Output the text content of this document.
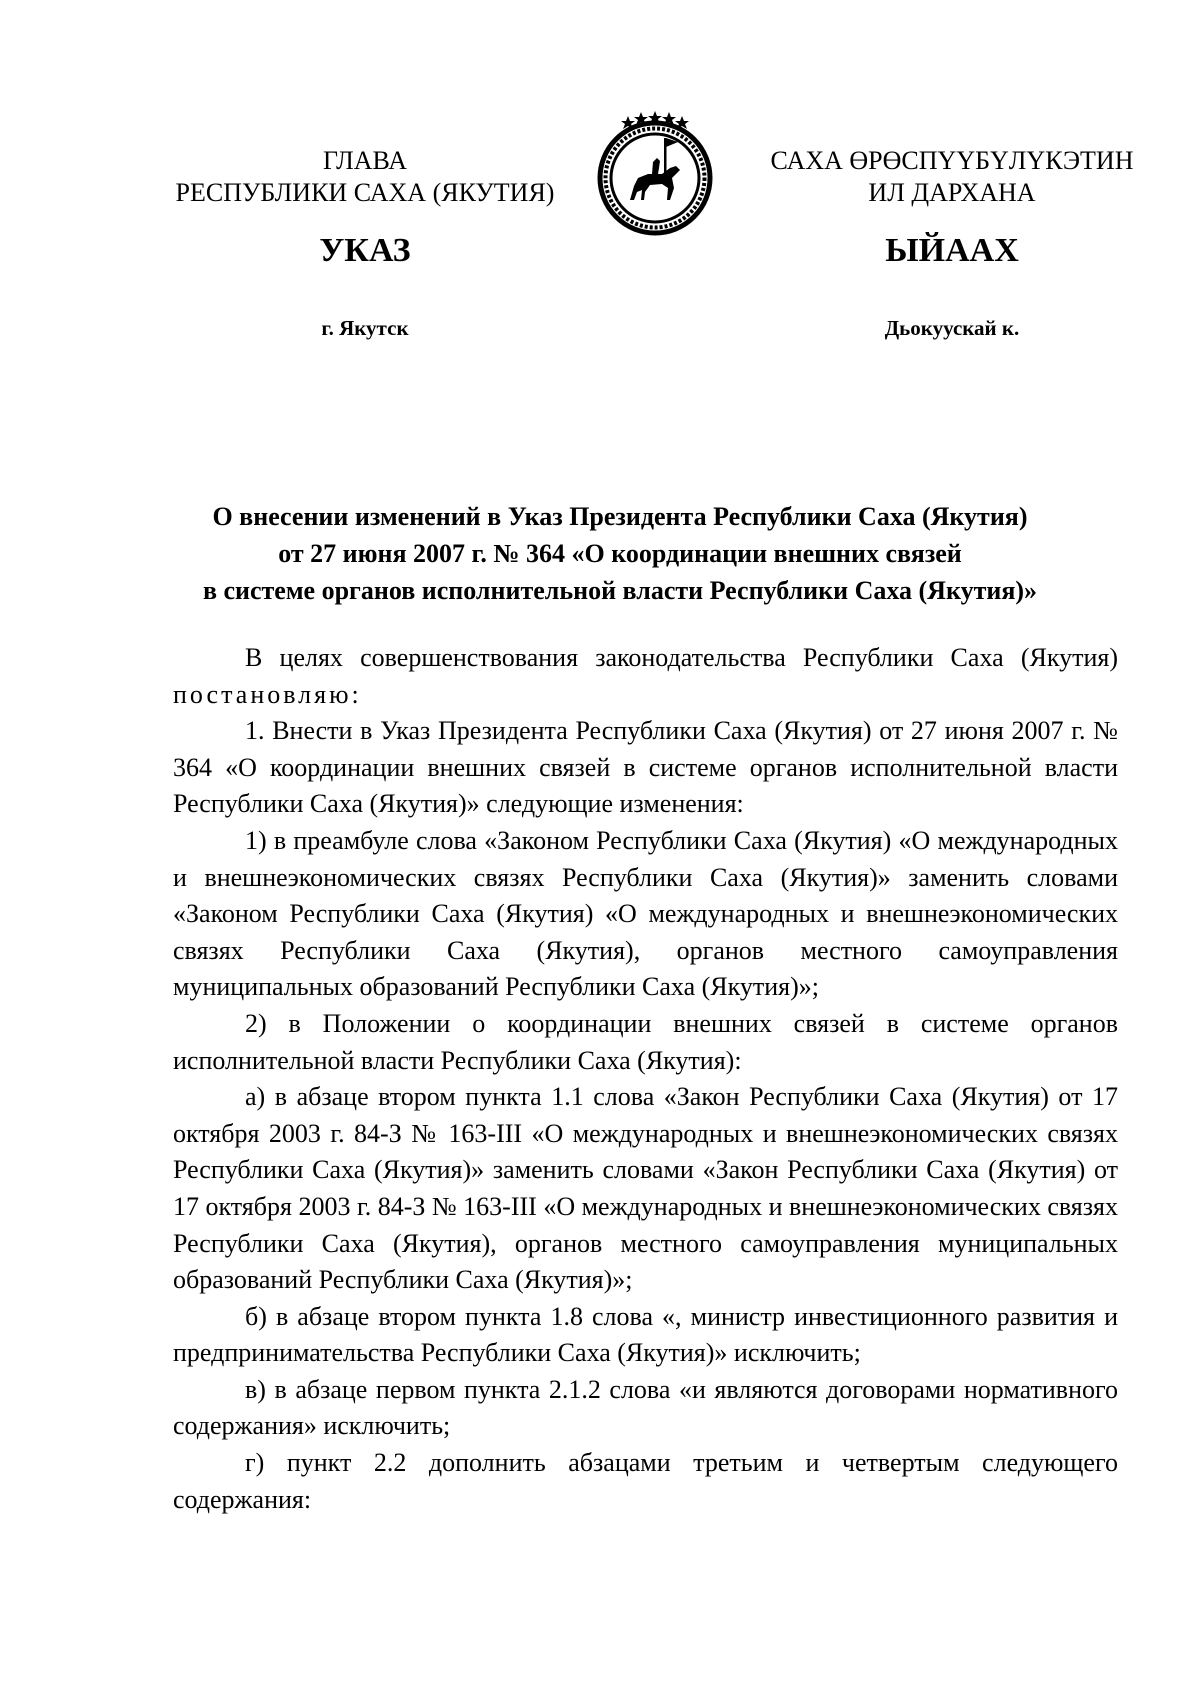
ГЛАВА
РЕСПУБЛИКИ САХА (ЯКУТИЯ)
САХА ӨРӨСПҮҮБҮЛҮКЭТИН
ИЛ ДАРХАНА
УКАЗ	ЫЙААХ
г. Якутск	Дьокуускай к.
О внесении изменений в Указ Президента Республики Саха (Якутия)
от 27 июня 2007 г. № 364 «О координации внешних связей
в системе органов исполнительной власти Республики Саха (Якутия)»

В целях совершенствования законодательства Республики Саха (Якутия) постановляю:

1. Внести в Указ Президента Республики Саха (Якутия) от 27 июня 2007 г. № 364 «О координации внешних связей в системе органов исполнительной власти Республики Саха (Якутия)» следующие изменения:

1) в преамбуле слова «Законом Республики Саха (Якутия) «О международных и внешнеэкономических связях Республики Саха (Якутия)» заменить словами «Законом Республики Саха (Якутия) «О международных и внешнеэкономических связях Республики Саха (Якутия), органов местного самоуправления муниципальных образований Республики Саха (Якутия)»;

2) в Положении о координации внешних связей в системе органов исполнительной власти Республики Саха (Якутия):

а) в абзаце втором пункта 1.1 слова «Закон Республики Саха (Якутия) от 17 октября 2003 г. 84-З № 163-III «О международных и внешнеэкономических связях Республики Саха (Якутия)» заменить словами «Закон Республики Саха (Якутия) от 17 октября 2003 г. 84-З № 163-III «О международных и внешнеэкономических связях Республики Саха (Якутия), органов местного самоуправления муниципальных образований Республики Саха (Якутия)»;

б) в абзаце втором пункта 1.8 слова «, министр инвестиционного развития и предпринимательства Республики Саха (Якутия)» исключить;

в) в абзаце первом пункта 2.1.2 слова «и являются договорами нормативного содержания» исключить;

г) пункт 2.2 дополнить абзацами третьим и четвертым следующего содержания:
